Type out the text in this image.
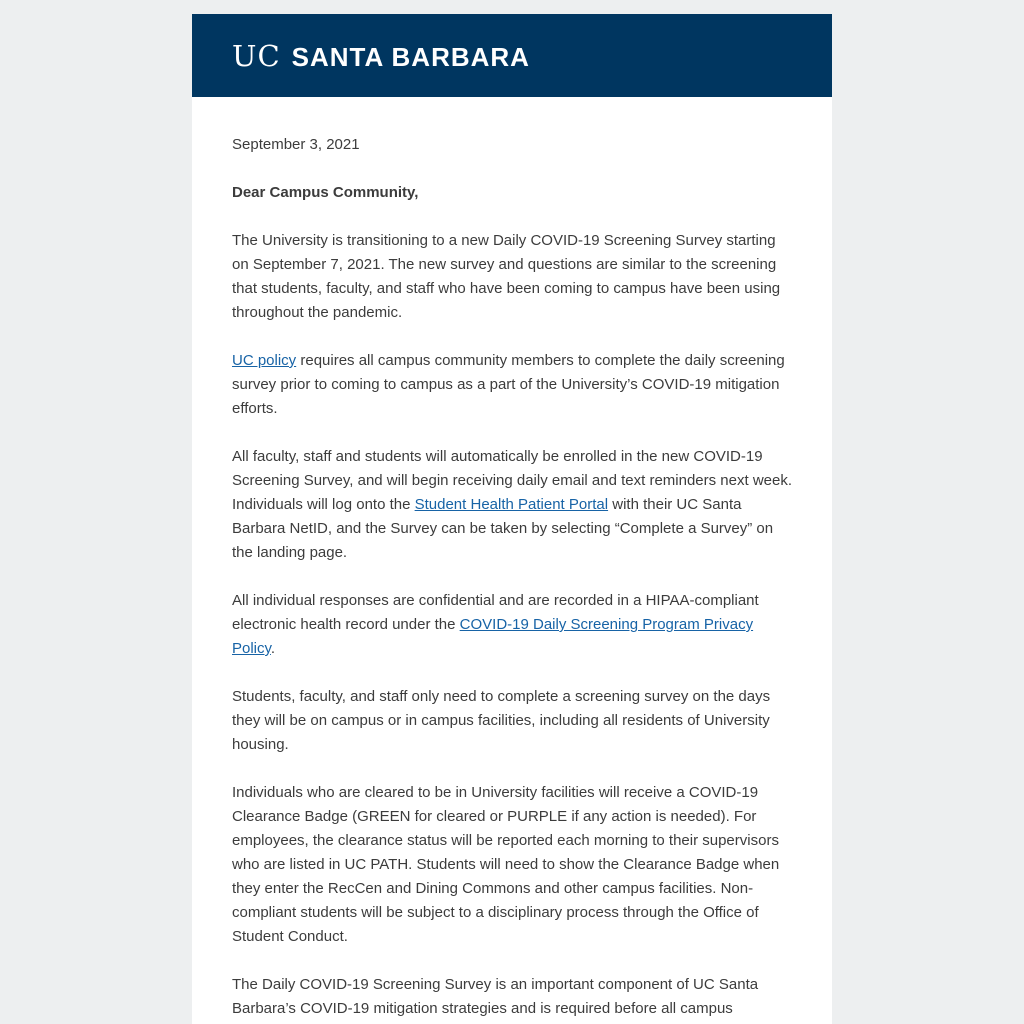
UC SANTA BARBARA

September 3, 2021

Dear Campus Community,

The University is transitioning to a new Daily COVID-19 Screening Survey starting on September 7, 2021. The new survey and questions are similar to the screening that students, faculty, and staff who have been coming to campus have been using throughout the pandemic.

UC policy requires all campus community members to complete the daily screening survey prior to coming to campus as a part of the University’s COVID-19 mitigation efforts.

All faculty, staff and students will automatically be enrolled in the new COVID-19 Screening Survey, and will begin receiving daily email and text reminders next week. Individuals will log onto the Student Health Patient Portal with their UC Santa Barbara NetID, and the Survey can be taken by selecting “Complete a Survey” on the landing page.

All individual responses are confidential and are recorded in a HIPAA-compliant electronic health record under the COVID-19 Daily Screening Program Privacy Policy.

Students, faculty, and staff only need to complete a screening survey on the days they will be on campus or in campus facilities, including all residents of University housing.

Individuals who are cleared to be in University facilities will receive a COVID-19 Clearance Badge (GREEN for cleared or PURPLE if any action is needed). For employees, the clearance status will be reported each morning to their supervisors who are listed in UC PATH. Students will need to show the Clearance Badge when they enter the RecCen and Dining Commons and other campus facilities. Non-compliant students will be subject to a disciplinary process through the Office of Student Conduct.

The Daily COVID-19 Screening Survey is an important component of UC Santa Barbara’s COVID-19 mitigation strategies and is required before all campus
